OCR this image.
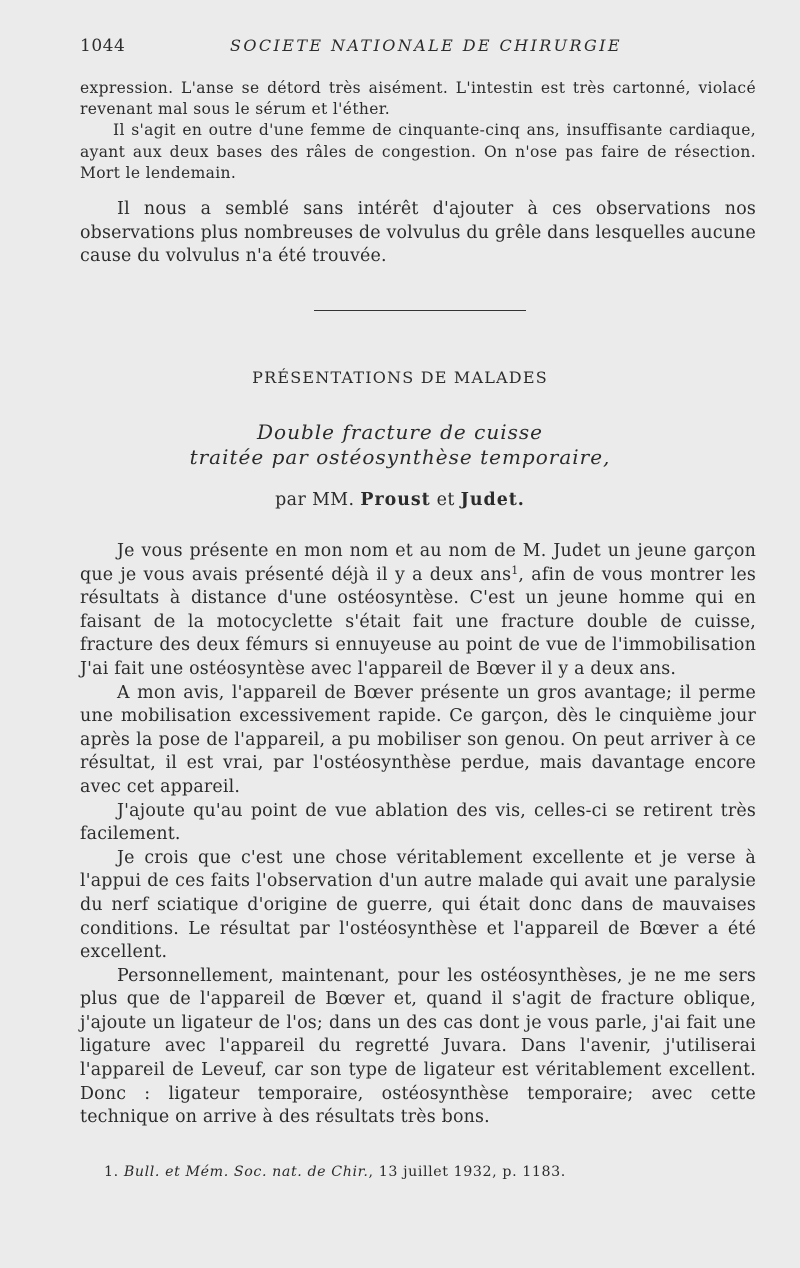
1044	SOCIETE NATIONALE DE CHIRURGIE

expression. L'anse se détord très aisément. L'intestin est très cartonné, violacé revenant mal sous le sérum et l'éther.

Il s'agit en outre d'une femme de cinquante-cinq ans, insuffisante cardiaque, ayant aux deux bases des râles de congestion. On n'ose pas faire de résection. Mort le lendemain.

Il nous a semblé sans intérêt d'ajouter à ces observations nos observations plus nombreuses de volvulus du grêle dans lesquelles aucune cause du volvulus n'a été trouvée.

PRÉSENTATIONS DE MALADES
Double fracture de cuisse
traitée par ostéosynthèse temporaire,
par MM. Proust et Judet.

Je vous présente en mon nom et au nom de M. Judet un jeune garçon que je vous avais présenté déjà il y a deux ans$^1$, afin de vous montrer les résultats à distance d'une ostéosyntèse. C'est un jeune homme qui en faisant de la motocyclette s'était fait une fracture double de cuisse, fracture des deux fémurs si ennuyeuse au point de vue de l'immobilisation J'ai fait une ostéosyntèse avec l'appareil de Bœver il y a deux ans.

A mon avis, l'appareil de Bœver présente un gros avantage; il perme une mobilisation excessivement rapide. Ce garçon, dès le cinquième jour après la pose de l'appareil, a pu mobiliser son genou. On peut arriver à ce résultat, il est vrai, par l'ostéosynthèse perdue, mais davantage encore avec cet appareil.

J'ajoute qu'au point de vue ablation des vis, celles-ci se retirent très facilement.

Je crois que c'est une chose véritablement excellente et je verse à l'appui de ces faits l'observation d'un autre malade qui avait une paralysie du nerf sciatique d'origine de guerre, qui était donc dans de mauvaises conditions. Le résultat par l'ostéosynthèse et l'appareil de Bœver a été excellent.

Personnellement, maintenant, pour les ostéosynthèses, je ne me sers plus que de l'appareil de Bœver et, quand il s'agit de fracture oblique, j'ajoute un ligateur de l'os; dans un des cas dont je vous parle, j'ai fait une ligature avec l'appareil du regretté Juvara. Dans l'avenir, j'utiliserai l'appareil de Leveuf, car son type de ligateur est véritablement excellent. Donc : ligateur temporaire, ostéosynthèse temporaire; avec cette technique on arrive à des résultats très bons.

1. Bull. et Mém. Soc. nat. de Chir., 13 juillet 1932, p. 1183.
